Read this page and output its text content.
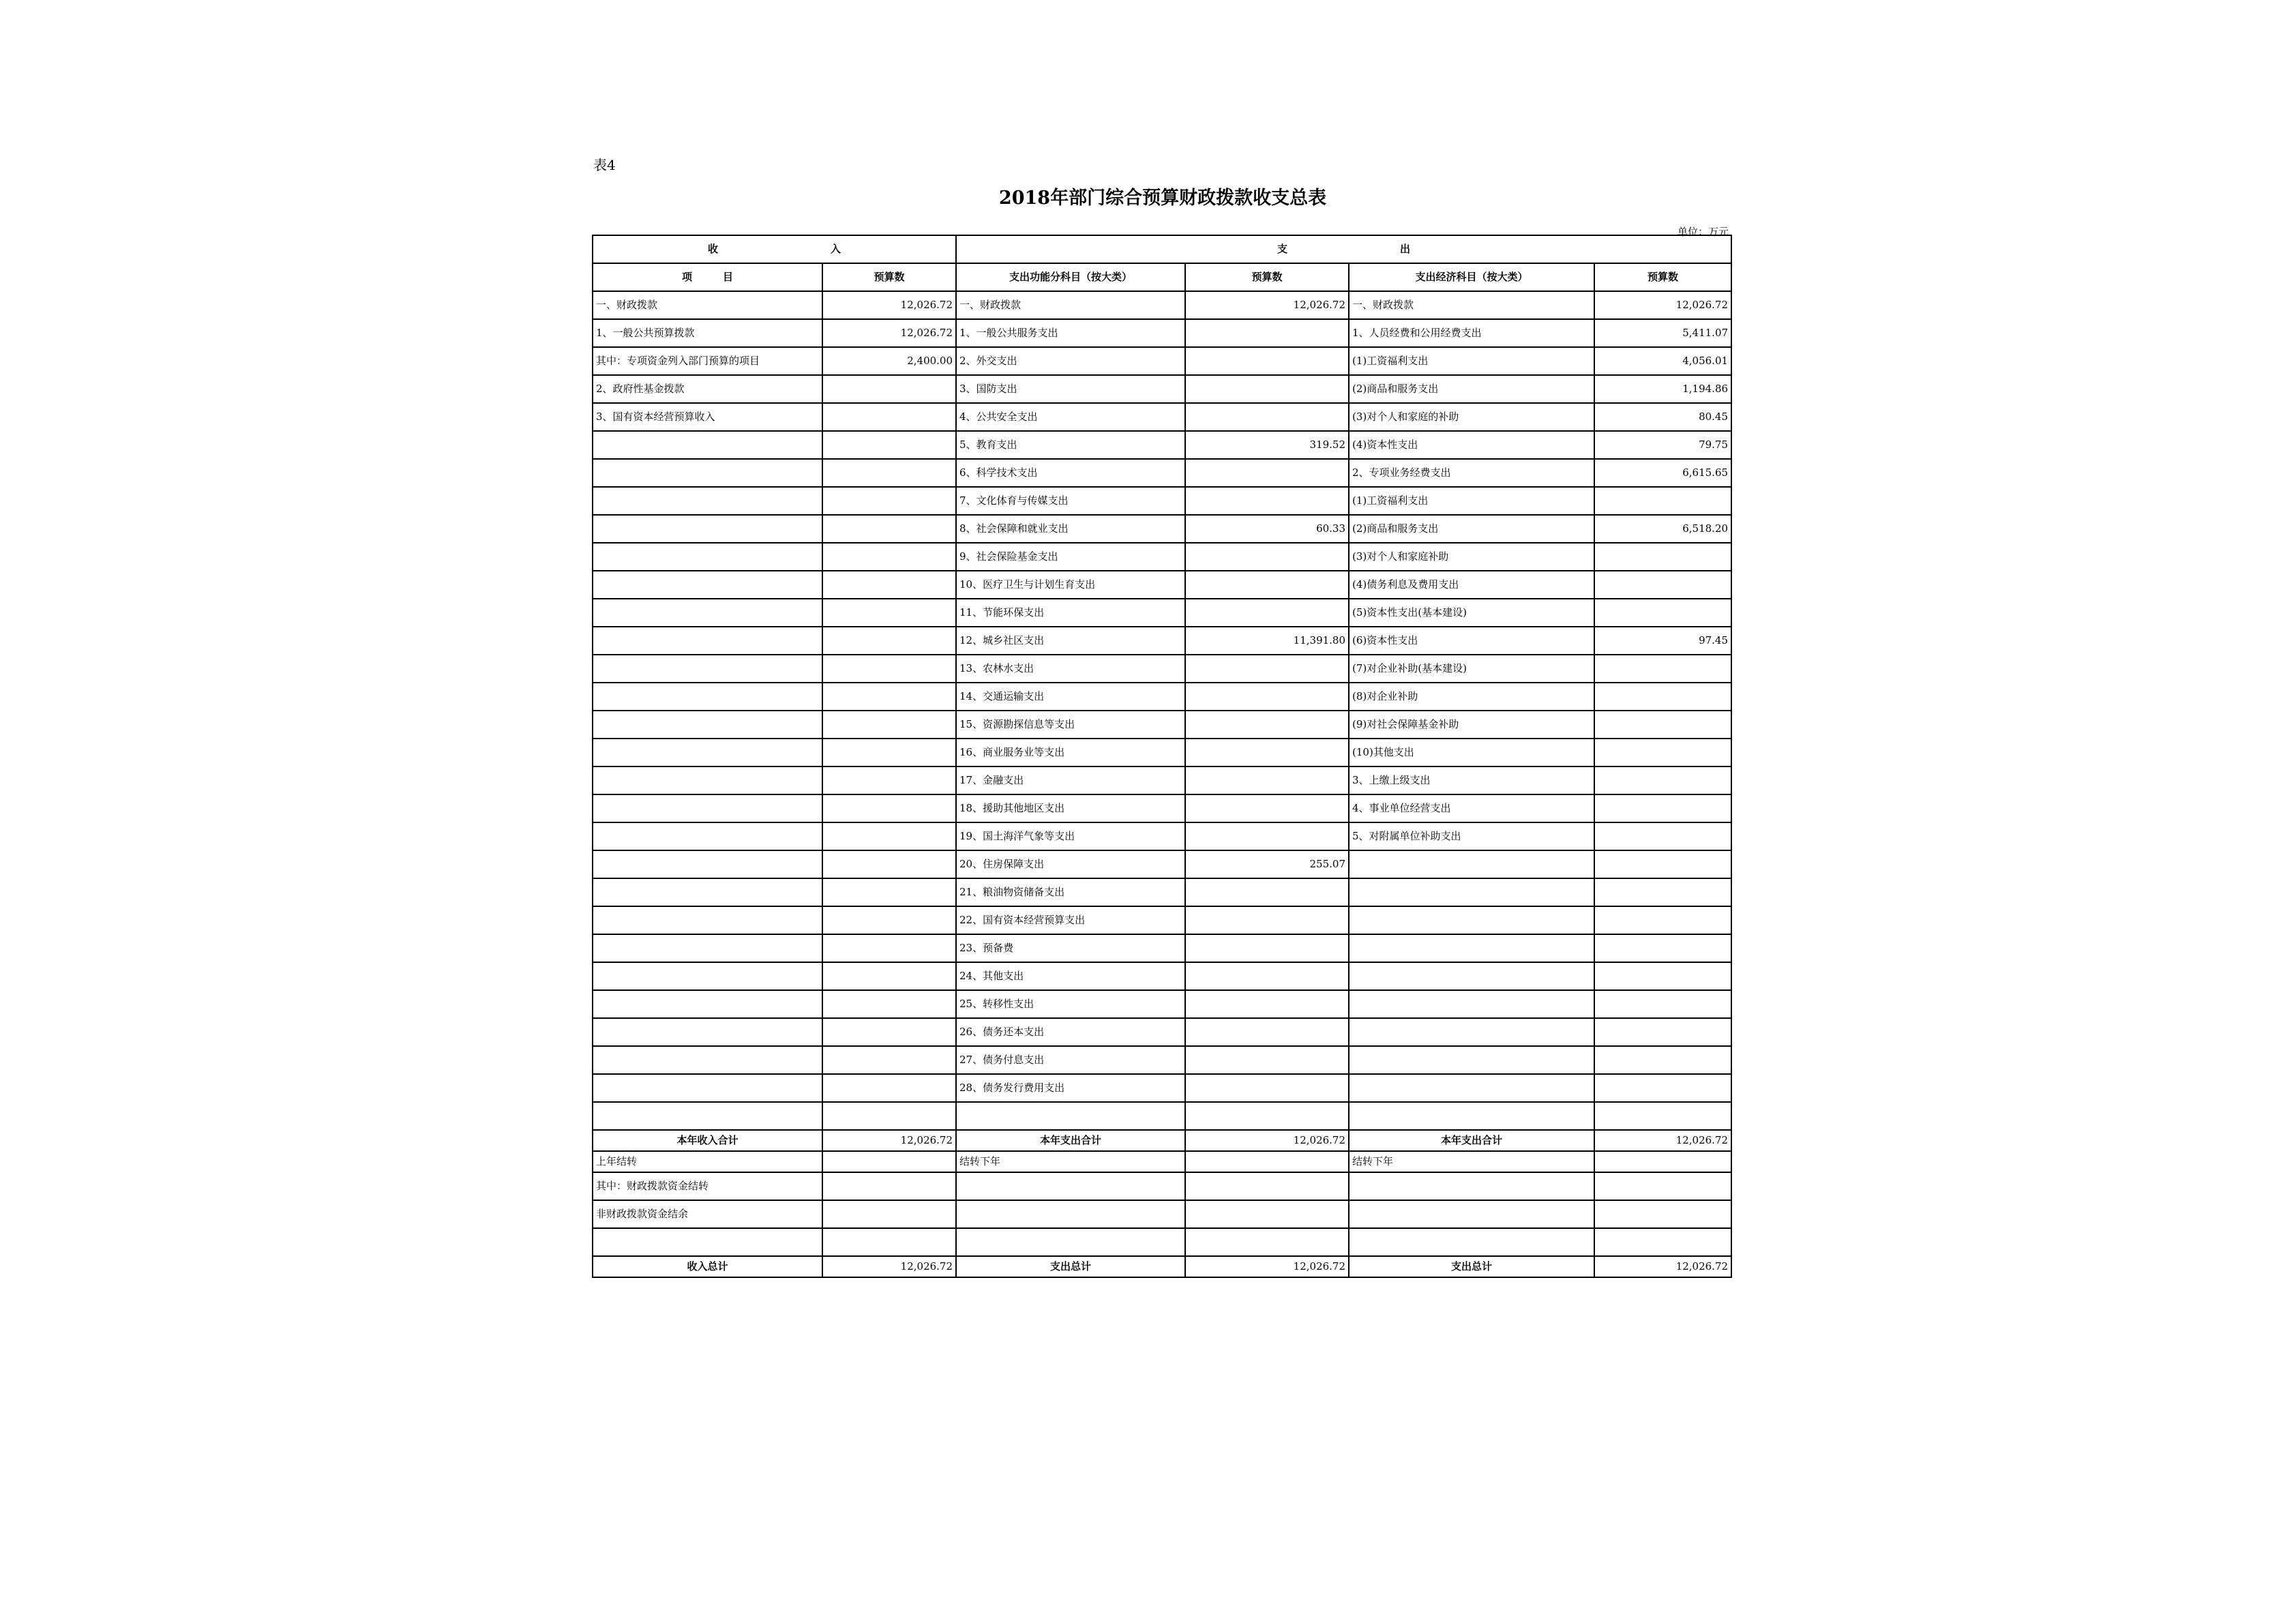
表4
2018年部门综合预算财政拨款收支总表
单位：万元
收　　　　　　　　　　　入		支　　　　　　　　　　　出			
项　　　目	预算数	支出功能分科目（按大类）	预算数	支出经济科目（按大类）	预算数
一、财政拨款	12,026.72	一、财政拨款	12,026.72	一、财政拨款	12,026.72
1、一般公共预算拨款	12,026.72	1、一般公共服务支出		1、人员经费和公用经费支出	5,411.07
其中：专项资金列入部门预算的项目	2,400.00	2、外交支出		(1)工资福利支出	4,056.01
2、政府性基金拨款		3、国防支出		(2)商品和服务支出	1,194.86
3、国有资本经营预算收入		4、公共安全支出		(3)对个人和家庭的补助	80.45
		5、教育支出	319.52	(4)资本性支出	79.75
		6、科学技术支出		2、专项业务经费支出	6,615.65
		7、文化体育与传媒支出		(1)工资福利支出	
		8、社会保障和就业支出	60.33	(2)商品和服务支出	6,518.20
		9、社会保险基金支出		(3)对个人和家庭补助	
		10、医疗卫生与计划生育支出		(4)债务利息及费用支出	
		11、节能环保支出		(5)资本性支出(基本建设)	
		12、城乡社区支出	11,391.80	(6)资本性支出	97.45
		13、农林水支出		(7)对企业补助(基本建设)	
		14、交通运输支出		(8)对企业补助	
		15、资源勘探信息等支出		(9)对社会保障基金补助	
		16、商业服务业等支出		(10)其他支出	
		17、金融支出		3、上缴上级支出	
		18、援助其他地区支出		4、事业单位经营支出	
		19、国土海洋气象等支出		5、对附属单位补助支出	
		20、住房保障支出	255.07		
		21、粮油物资储备支出			
		22、国有资本经营预算支出			
		23、预备费			
		24、其他支出			
		25、转移性支出			
		26、债务还本支出			
		27、债务付息支出			
		28、债务发行费用支出			

本年收入合计	12,026.72	本年支出合计	12,026.72	本年支出合计	12,026.72
上年结转		结转下年		结转下年	
其中：财政拨款资金结转					
非财政拨款资金结余					

收入总计	12,026.72	支出总计	12,026.72	支出总计	12,026.72
